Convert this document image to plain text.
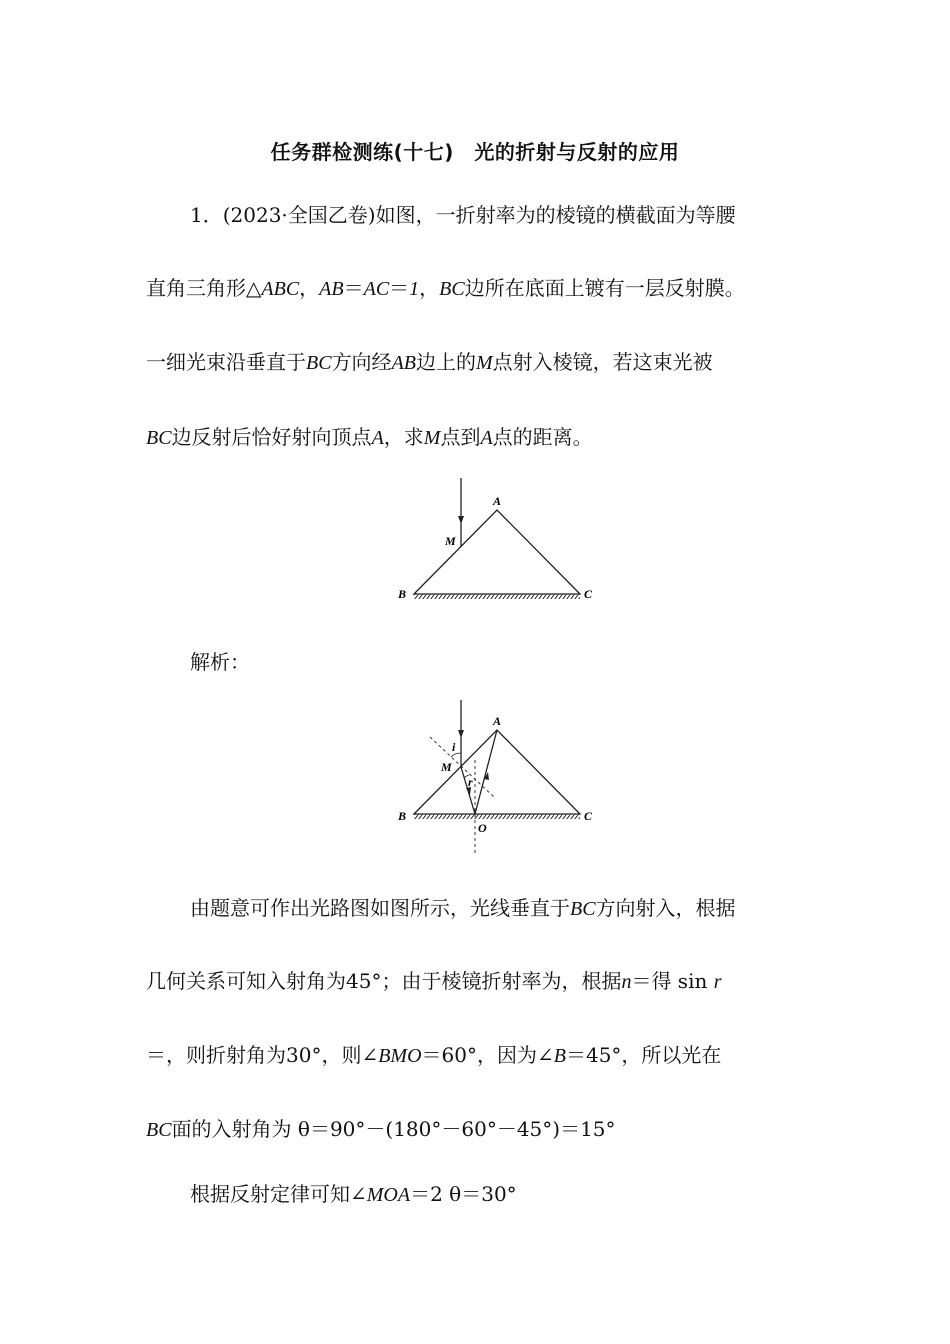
任务群检测练(十七)　光的折射与反射的应用
1．(2023·全国乙卷)如图，一折射率为的棱镜的横截面为等腰
直角三角形△ABC，AB＝AC＝1，BC边所在底面上镀有一层反射膜。
一细光束沿垂直于BC方向经AB边上的M点射入棱镜，若这束光被
BC边反射后恰好射向顶点A，求M点到A点的距离。
A
B	C
M
解析：
A
B	C
M
O
i
r
由题意可作出光路图如图所示，光线垂直于BC方向射入，根据
几何关系可知入射角为45°；由于棱镜折射率为，根据n＝得 sin r
＝，则折射角为30°，则∠BMO＝60°，因为∠B＝45°，所以光在
BC面的入射角为 θ＝90°－(180°－60°－45°)＝15°
根据反射定律可知∠MOA＝2 θ＝30°
